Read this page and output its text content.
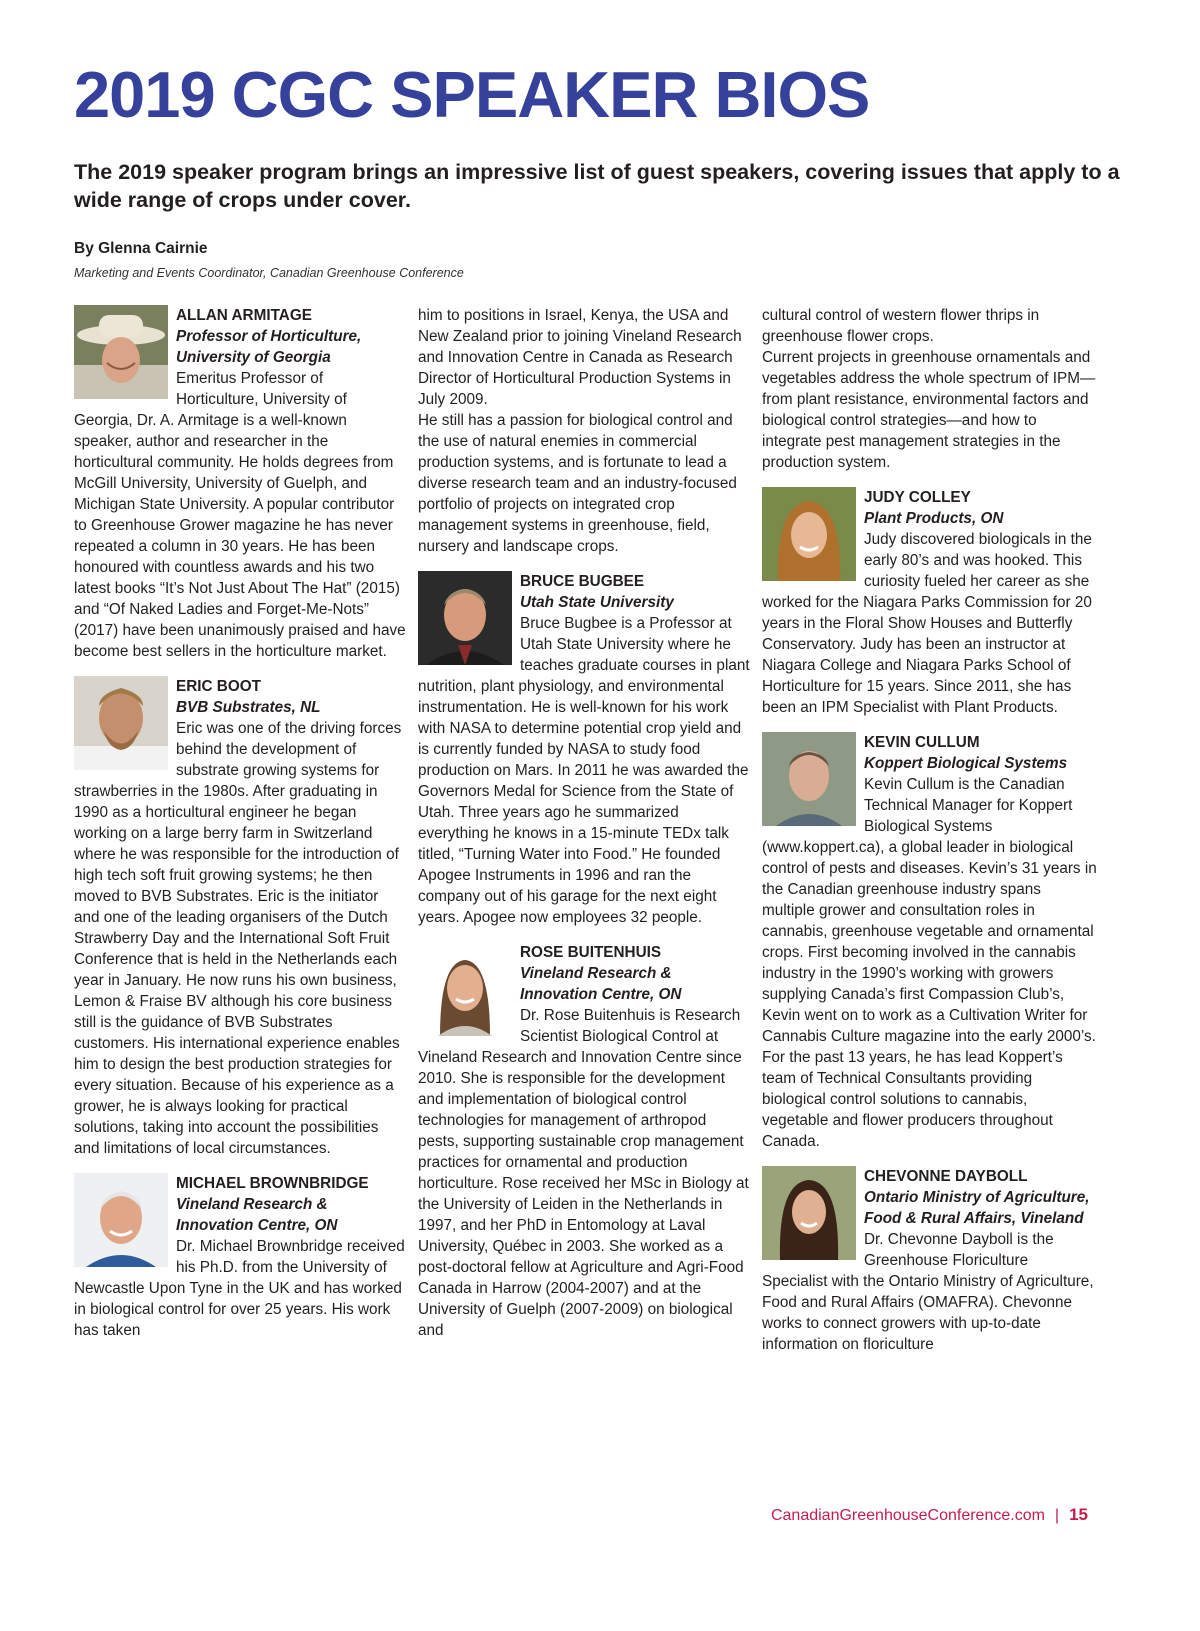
2019 CGC SPEAKER BIOS

The 2019 speaker program brings an impressive list of guest speakers, covering issues that apply to a wide range of crops under cover.

By Glenna Cairnie

Marketing and Events Coordinator, Canadian Greenhouse Conference

ALLAN ARMITAGE

Professor of Horticulture, University of Georgia

Emeritus Professor of Horticulture, University of Georgia, Dr. A. Armitage is a well-known speaker, author and researcher in the horticultural community. He holds degrees from McGill University, University of Guelph, and Michigan State University. A popular contributor to Greenhouse Grower magazine he has never repeated a column in 30 years. He has been honoured with countless awards and his two latest books “It’s Not Just About The Hat” (2015) and “Of Naked Ladies and Forget-Me-Nots” (2017) have been unanimously praised and have become best sellers in the horticulture market.

ERIC BOOT

BVB Substrates, NL

Eric was one of the driving forces behind the development of substrate growing systems for strawberries in the 1980s. After graduating in 1990 as a horticultural engineer he began working on a large berry farm in Switzerland where he was responsible for the introduction of high tech soft fruit growing systems; he then moved to BVB Substrates. Eric is the initiator and one of the leading organisers of the Dutch Strawberry Day and the International Soft Fruit Conference that is held in the Netherlands each year in January. He now runs his own business, Lemon & Fraise BV although his core business still is the guidance of BVB Substrates customers. His international experience enables him to design the best production strategies for every situation. Because of his experience as a grower, he is always looking for practical solutions, taking into account the possibilities and limitations of local circumstances.

MICHAEL BROWNBRIDGE

Vineland Research & Innovation Centre, ON

Dr. Michael Brownbridge received his Ph.D. from the University of Newcastle Upon Tyne in the UK and has worked in biological control for over 25 years. His work has taken

him to positions in Israel, Kenya, the USA and New Zealand prior to joining Vineland Research and Innovation Centre in Canada as Research Director of Horticultural Production Systems in July 2009.

He still has a passion for biological control and the use of natural enemies in commercial production systems, and is fortunate to lead a diverse research team and an industry-focused portfolio of projects on integrated crop management systems in greenhouse, field, nursery and landscape crops.

BRUCE BUGBEE

Utah State University

Bruce Bugbee is a Professor at Utah State University where he teaches graduate courses in plant nutrition, plant physiology, and environmental instrumentation. He is well-known for his work with NASA to determine potential crop yield and is currently funded by NASA to study food production on Mars. In 2011 he was awarded the Governors Medal for Science from the State of Utah. Three years ago he summarized everything he knows in a 15-minute TEDx talk titled, “Turning Water into Food.” He founded Apogee Instruments in 1996 and ran the company out of his garage for the next eight years. Apogee now employees 32 people.

ROSE BUITENHUIS

Vineland Research & Innovation Centre, ON

Dr. Rose Buitenhuis is Research Scientist Biological Control at Vineland Research and Innovation Centre since 2010. She is responsible for the development and implementation of biological control technologies for management of arthropod pests, supporting sustainable crop management practices for ornamental and production horticulture. Rose received her MSc in Biology at the University of Leiden in the Netherlands in 1997, and her PhD in Entomology at Laval University, Québec in 2003. She worked as a post-doctoral fellow at Agriculture and Agri-Food Canada in Harrow (2004-2007) and at the University of Guelph (2007-2009) on biological and

cultural control of western flower thrips in greenhouse flower crops.

Current projects in greenhouse ornamentals and vegetables address the whole spectrum of IPM—from plant resistance, environmental factors and biological control strategies—and how to integrate pest management strategies in the production system.

JUDY COLLEY

Plant Products, ON

Judy discovered biologicals in the early 80’s and was hooked. This curiosity fueled her career as she worked for the Niagara Parks Commission for 20 years in the Floral Show Houses and Butterfly Conservatory. Judy has been an instructor at Niagara College and Niagara Parks School of Horticulture for 15 years. Since 2011, she has been an IPM Specialist with Plant Products.

KEVIN CULLUM

Koppert Biological Systems

Kevin Cullum is the Canadian Technical Manager for Koppert Biological Systems (www.koppert.ca), a global leader in biological control of pests and diseases. Kevin’s 31 years in the Canadian greenhouse industry spans multiple grower and consultation roles in cannabis, greenhouse vegetable and ornamental crops. First becoming involved in the cannabis industry in the 1990’s working with growers supplying Canada’s first Compassion Club’s, Kevin went on to work as a Cultivation Writer for Cannabis Culture magazine into the early 2000’s. For the past 13 years, he has lead Koppert’s team of Technical Consultants providing biological control solutions to cannabis, vegetable and flower producers throughout Canada.

CHEVONNE DAYBOLL

Ontario Ministry of Agriculture, Food & Rural Affairs, Vineland

Dr. Chevonne Dayboll is the Greenhouse Floriculture Specialist with the Ontario Ministry of Agriculture, Food and Rural Affairs (OMAFRA). Chevonne works to connect growers with up-to-date information on floriculture

CanadianGreenhouseConference.com | 15
